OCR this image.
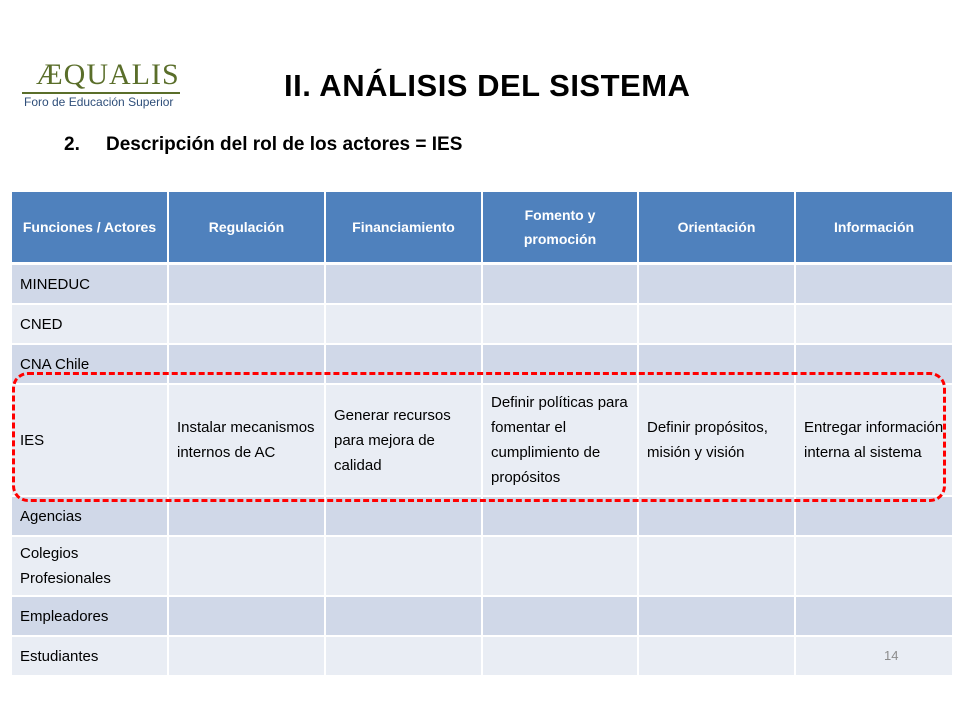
ÆQUALIS
Foro de Educación Superior	II. ANÁLISIS DEL SISTEMA
2. Descripción del rol de los actores = IES
Funciones / Actores	Regulación	Financiamiento	Fomento y promoción	Orientación	Información
MINEDUC					
CNED					
CNA Chile					
IES	Instalar mecanismos internos de AC	Generar recursos para mejora de calidad	Definir políticas para fomentar el cumplimiento de propósitos	Definir propósitos, misión y visión	Entregar información interna al sistema
Agencias					
Colegios Profesionales					
Empleadores					
Estudiantes						14
